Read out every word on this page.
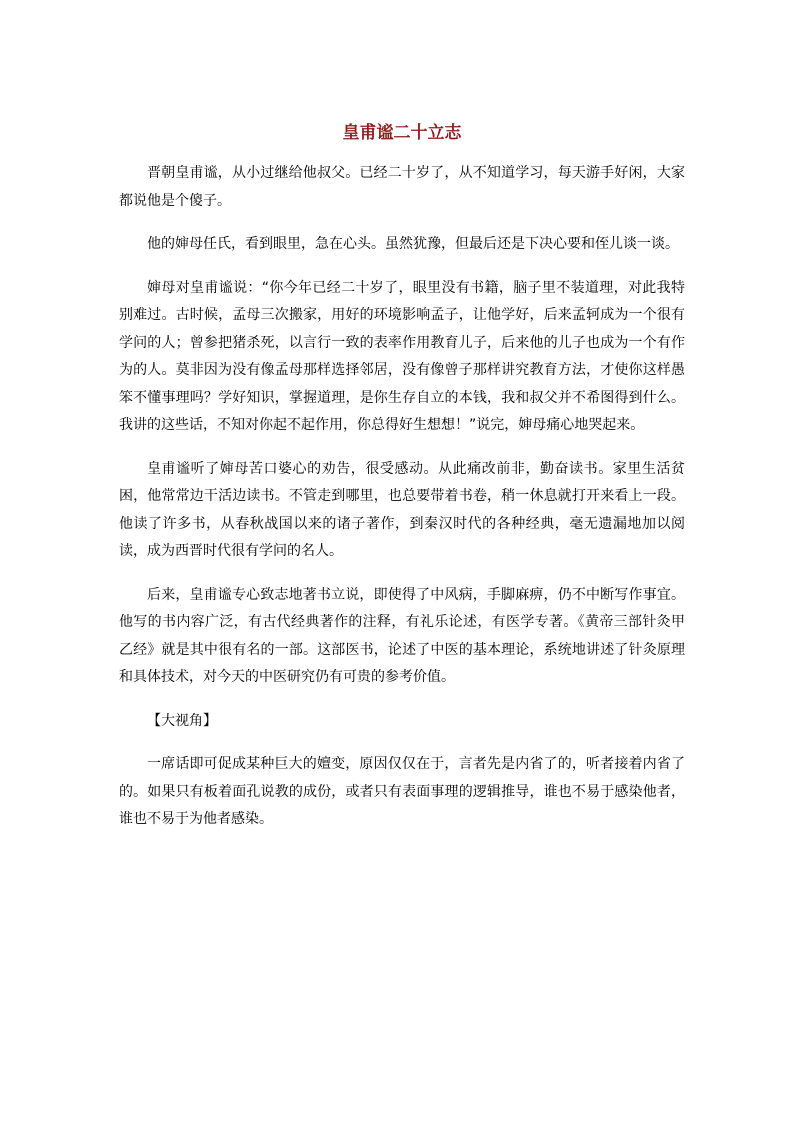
皇甫谧二十立志

晋朝皇甫谧，从小过继给他叔父。已经二十岁了，从不知道学习，每天游手好闲，大家都说他是个傻子。

他的婶母任氏，看到眼里，急在心头。虽然犹豫，但最后还是下决心要和侄儿谈一谈。

婶母对皇甫谧说：“你今年已经二十岁了，眼里没有书籍，脑子里不装道理，对此我特别难过。古时候，孟母三次搬家，用好的环境影响孟子，让他学好，后来孟轲成为一个很有学问的人；曾参把猪杀死，以言行一致的表率作用教育儿子，后来他的儿子也成为一个有作为的人。莫非因为没有像孟母那样选择邻居，没有像曾子那样讲究教育方法，才使你这样愚笨不懂事理吗？学好知识，掌握道理，是你生存自立的本钱，我和叔父并不希图得到什么。我讲的这些话，不知对你起不起作用，你总得好生想想！”说完，婶母痛心地哭起来。

皇甫谧听了婶母苦口婆心的劝告，很受感动。从此痛改前非，勤奋读书。家里生活贫困，他常常边干活边读书。不管走到哪里，也总要带着书卷，稍一休息就打开来看上一段。他读了许多书，从春秋战国以来的诸子著作，到秦汉时代的各种经典，毫无遗漏地加以阅读，成为西晋时代很有学问的名人。

后来，皇甫谧专心致志地著书立说，即使得了中风病，手脚麻痹，仍不中断写作事宜。他写的书内容广泛，有古代经典著作的注释，有礼乐论述，有医学专著。《黄帝三部针灸甲乙经》就是其中很有名的一部。这部医书，论述了中医的基本理论，系统地讲述了针灸原理和具体技术，对今天的中医研究仍有可贵的参考价值。

【大视角】

一席话即可促成某种巨大的嬗变，原因仅仅在于，言者先是内省了的，听者接着内省了的。如果只有板着面孔说教的成份，或者只有表面事理的逻辑推导，谁也不易于感染他者，谁也不易于为他者感染。
